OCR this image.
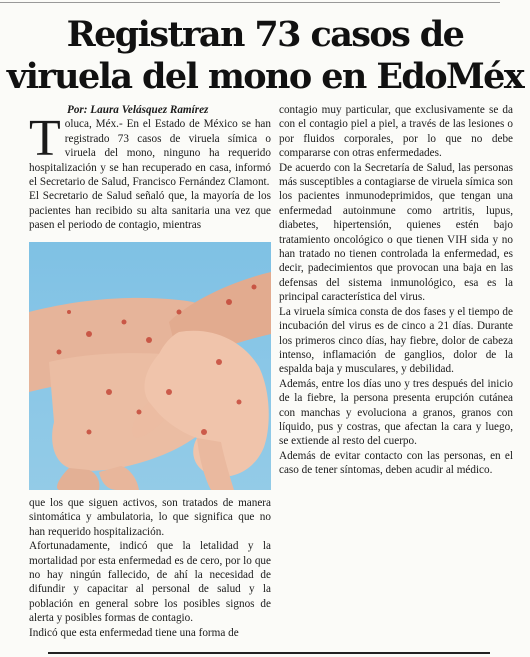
Registran 73 casos de viruela del mono en EdoMéx

Por: Laura Velásquez Ramírez

Toluca, Méx.- En el Estado de México se han registrado 73 casos de viruela símica o viruela del mono, ninguno ha requerido hospitalización y se han recuperado en casa, informó el Secretario de Salud, Francisco Fernández Clamont.

El Secretario de Salud señaló que, la mayoría de los pacientes han recibido su alta sanitaria una vez que pasen el periodo de contagio, mientras

que los que siguen activos, son tratados de manera sintomática y ambulatoria, lo que significa que no han requerido hospitalización.

Afortunadamente, indicó que la letalidad y la mortalidad por esta enfermedad es de cero, por lo que no hay ningún fallecido, de ahí la necesidad de difundir y capacitar al personal de salud y la población en general sobre los posibles signos de alerta y posibles formas de contagio.

Indicó que esta enfermedad tiene una forma de

contagio muy particular, que exclusivamente se da con el contagio piel a piel, a través de las lesiones o por fluidos corporales, por lo que no debe compararse con otras enfermedades.

De acuerdo con la Secretaría de Salud, las personas más susceptibles a contagiarse de viruela símica son los pacientes inmunodeprimidos, que tengan una enfermedad autoinmune como artritis, lupus, diabetes, hipertensión, quienes estén bajo tratamiento oncológico o que tienen VIH sida y no han tratado no tienen controlada la enfermedad, es decir, padecimientos que provocan una baja en las defensas del sistema inmunológico, esa es la principal característica del virus.

La viruela símica consta de dos fases y el tiempo de incubación del virus es de cinco a 21 días. Durante los primeros cinco días, hay fiebre, dolor de cabeza intenso, inflamación de ganglios, dolor de la espalda baja y musculares, y debilidad.

Además, entre los días uno y tres después del inicio de la fiebre, la persona presenta erupción cutánea con manchas y evoluciona a granos, granos con líquido, pus y costras, que afectan la cara y luego, se extiende al resto del cuerpo.

Además de evitar contacto con las personas, en el caso de tener síntomas, deben acudir al médico.
